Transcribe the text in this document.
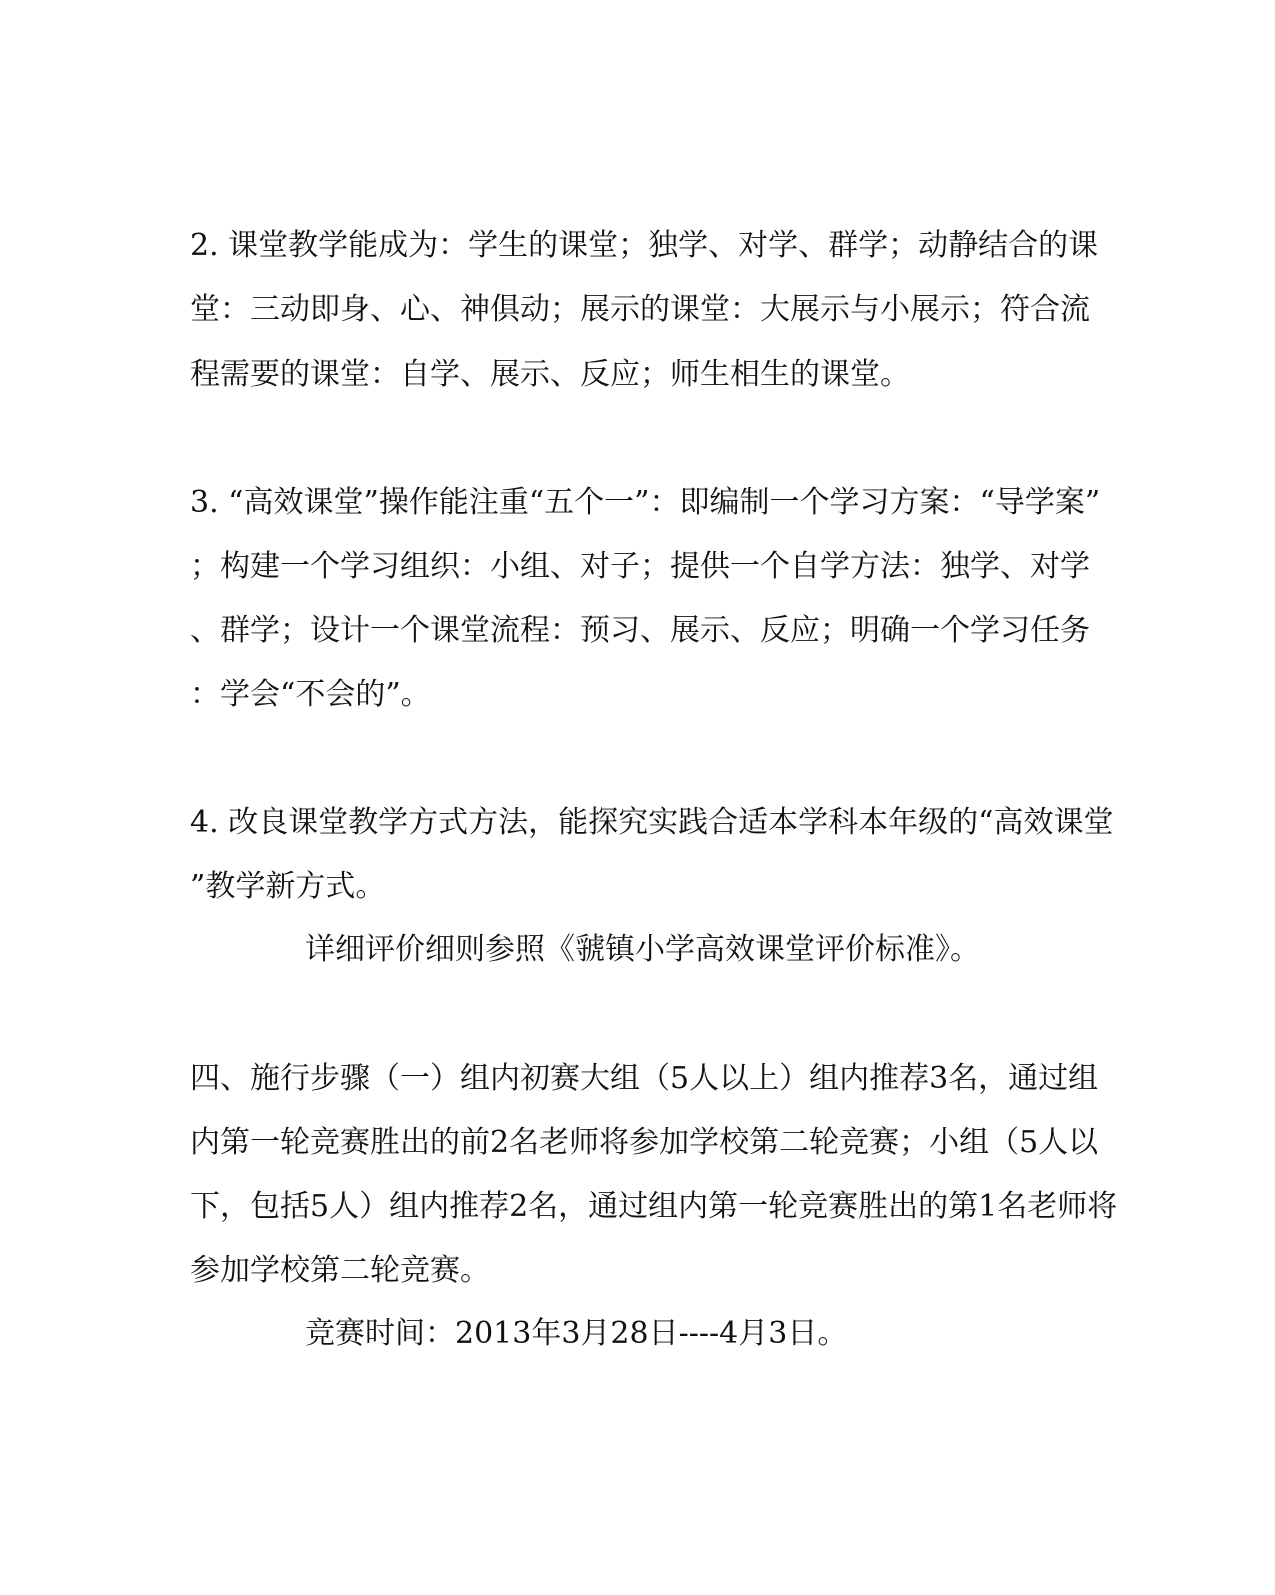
2. 课堂教学能成为：学生的课堂；独学、对学、群学；动静结合的课
堂：三动即身、心、神俱动；展示的课堂：大展示与小展示；符合流
程需要的课堂：自学、展示、反应；师生相生的课堂。
3. “高效课堂”操作能注重“五个一”：即编制一个学习方案：“导学案”
；构建一个学习组织：小组、对子；提供一个自学方法：独学、对学
、群学；设计一个课堂流程：预习、展示、反应；明确一个学习任务
：学会“不会的”。
4. 改良课堂教学方式方法，能探究实践合适本学科本年级的“高效课堂
”教学新方式。
详细评价细则参照《虢镇小学高效课堂评价标准》。
四、施行步骤（一）组内初赛大组（5人以上）组内推荐3名，通过组
内第一轮竞赛胜出的前2名老师将参加学校第二轮竞赛；小组（5人以
下，包括5人）组内推荐2名，通过组内第一轮竞赛胜出的第1名老师将
参加学校第二轮竞赛。
竞赛时间：2013年3月28日----4月3日。
